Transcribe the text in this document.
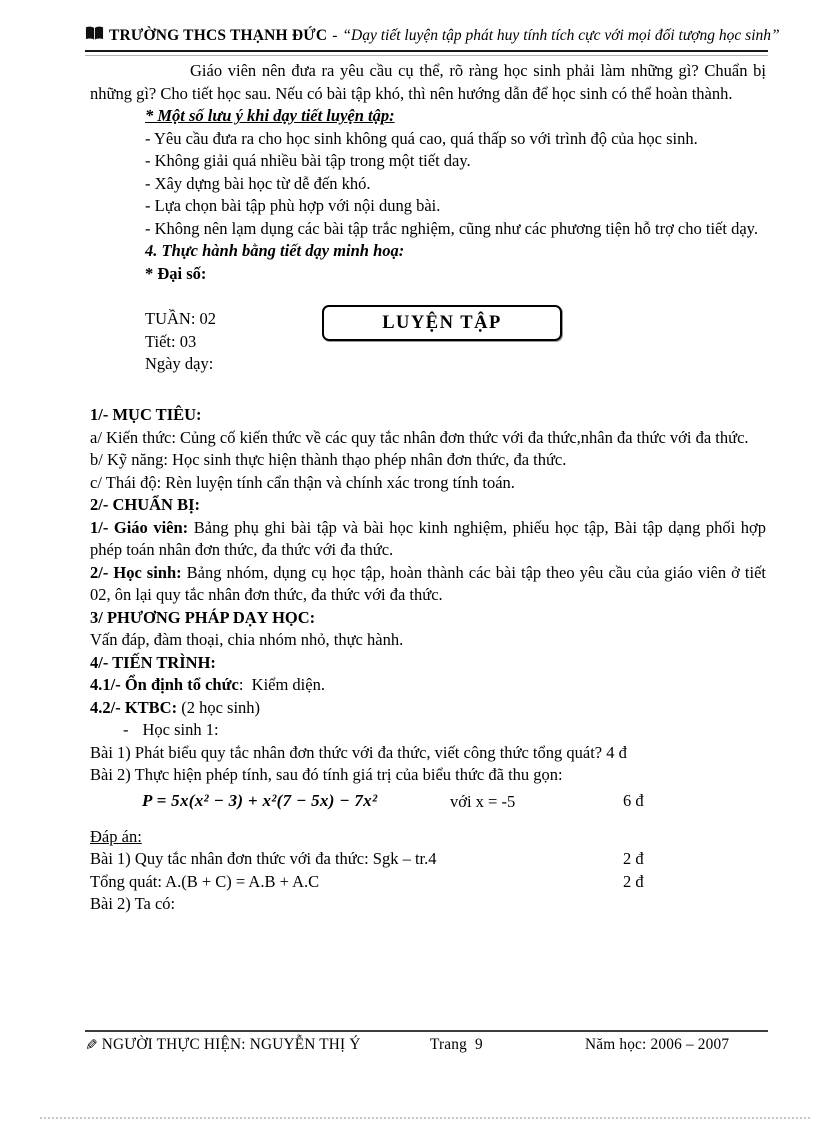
TRƯỜNG THCS THẠNH ĐỨC - “Dạy tiết luyện tập phát huy tính tích cực với mọi đối tượng học sinh”

Giáo viên nên đưa ra yêu cầu cụ thể, rõ ràng học sinh phải làm những gì? Chuẩn bị những gì? Cho tiết học sau. Nếu có bài tập khó, thì nên hướng dẫn để học sinh có thể hoàn thành.

* Một số lưu ý khi dạy tiết luyện tập:

- Yêu cầu đưa ra cho học sinh không quá cao, quá thấp so với trình độ của học sinh.

- Không giải quá nhiều bài tập trong một tiết day.

- Xây dựng bài học từ dễ đến khó.

- Lựa chọn bài tập phù hợp với nội dung bài.

- Không nên lạm dụng các bài tập trắc nghiệm, cũng như các phương tiện hỗ trợ cho tiết dạy.

4. Thực hành bằng tiết dạy minh hoạ:

* Đại số:

TUẦN: 02

Tiết: 03

Ngày dạy:

LUYỆN TẬP

1/- MỤC TIÊU:

a/ Kiến thức: Củng cố kiến thức về các quy tắc nhân đơn thức với đa thức,nhân đa thức với đa thức.

b/ Kỹ năng: Học sinh thực hiện thành thạo phép nhân đơn thức, đa thức.

c/ Thái độ: Rèn luyện tính cẩn thận và chính xác trong tính toán.

2/- CHUẨN BỊ:

1/- Giáo viên: Bảng phụ ghi bài tập và bài học kinh nghiệm, phiếu học tập, Bài tập dạng phối hợp phép toán nhân đơn thức, đa thức với đa thức.

2/- Học sinh: Bảng nhóm, dụng cụ học tập, hoàn thành các bài tập theo yêu cầu của giáo viên ở tiết 02, ôn lại quy tắc nhân đơn thức, đa thức với đa thức.

3/ PHƯƠNG PHÁP DẠY HỌC:

Vấn đáp, đàm thoại, chia nhóm nhỏ, thực hành.

4/- TIẾN TRÌNH:

4.1/- Ổn định tổ chức:  Kiểm diện.

4.2/- KTBC: (2 học sinh)

- Học sinh 1:

Bài 1) Phát biểu quy tắc nhân đơn thức với đa thức, viết công thức tổng quát? 4 đ

Bài 2) Thực hiện phép tính, sau đó tính giá trị của biểu thức đã thu gọn:

P = 5x(x² − 3) + x²(7 − 5x) − 7x²	với x = -5	6 đ

Đáp án:

Bài 1) Quy tắc nhân đơn thức với đa thức: Sgk – tr.4	2 đ

Tổng quát: A.(B + C) = A.B + A.C	2 đ

Bài 2) Ta có:

✎ NGƯỜI THỰC HIỆN: NGUYỄN THỊ Ý	Trang  9	Năm học: 2006 – 2007
